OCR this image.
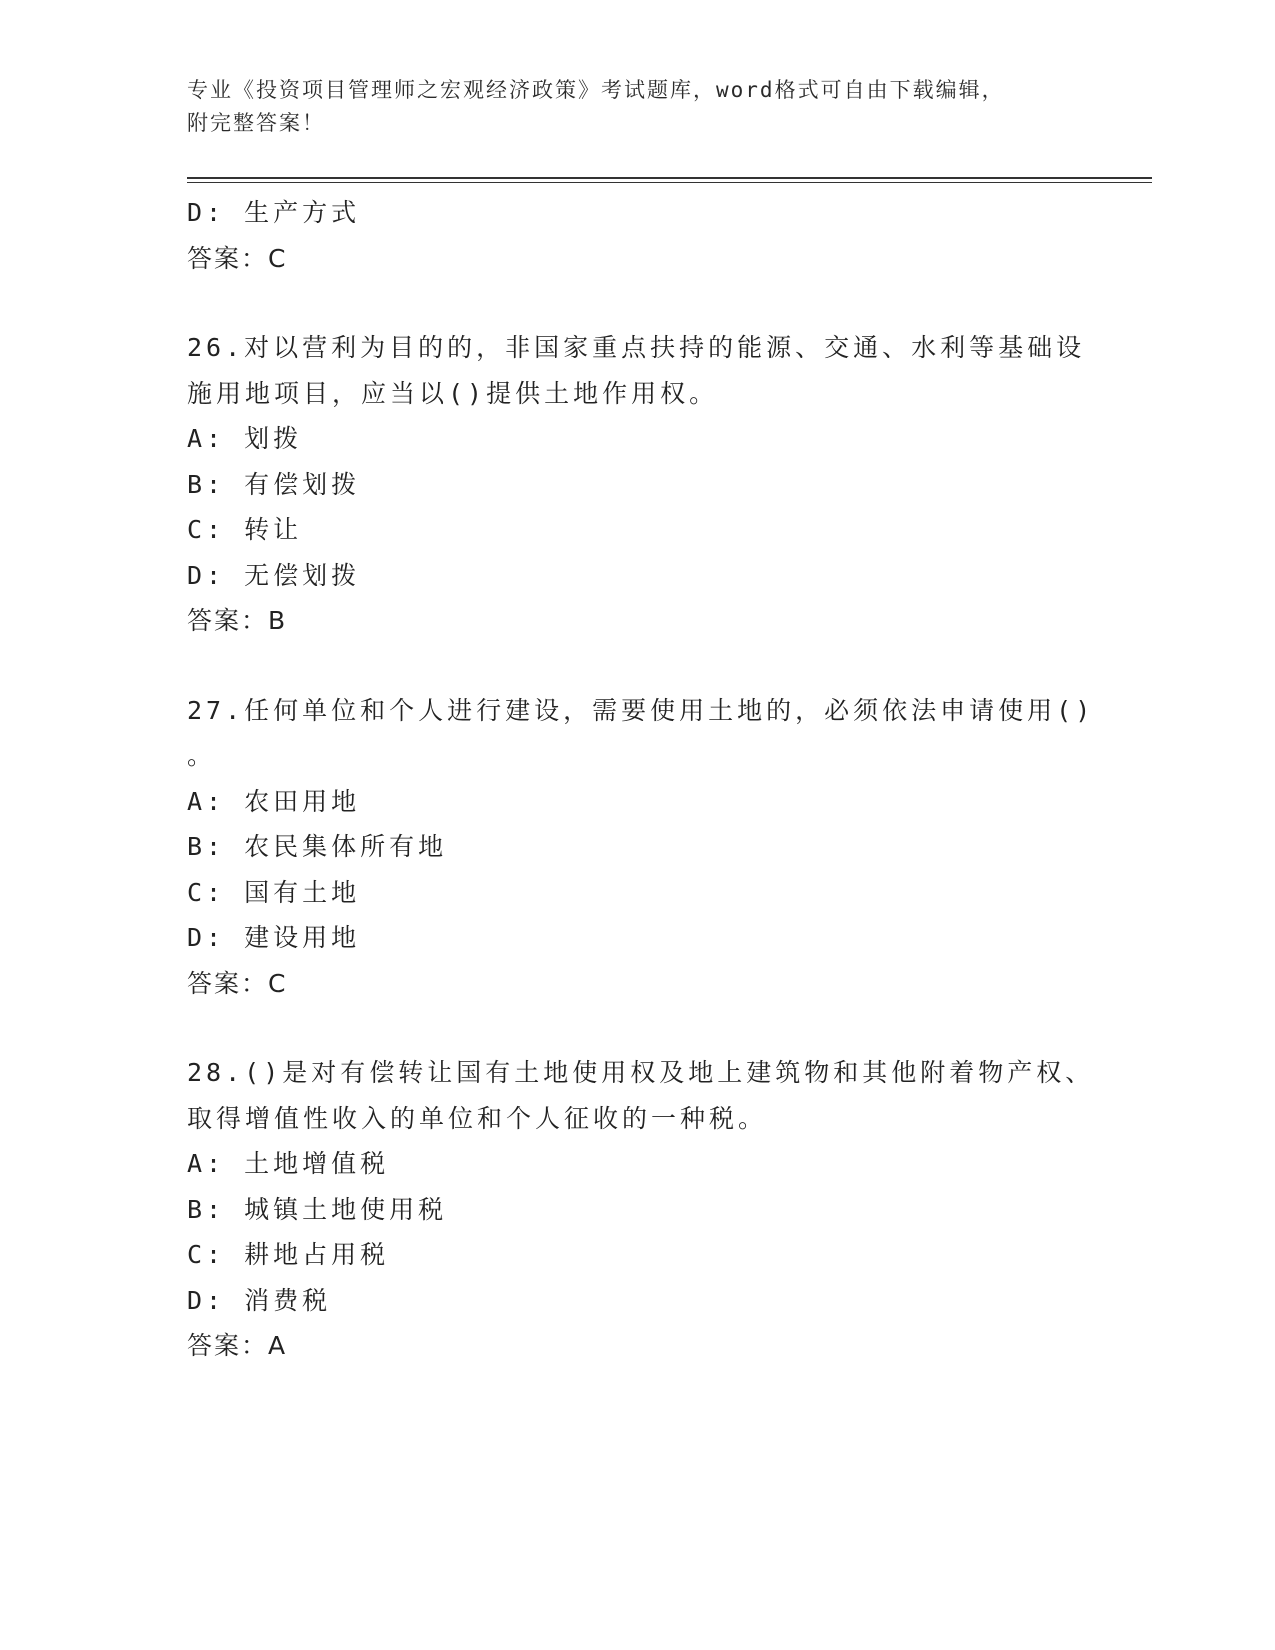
专业《投资项目管理师之宏观经济政策》考试题库，word格式可自由下载编辑，
附完整答案！
D: 生产方式
答案：C
26.对以营利为目的的，非国家重点扶持的能源、交通、水利等基础设
施用地项目，应当以()提供土地作用权。
A: 划拨
B: 有偿划拨
C: 转让
D: 无偿划拨
答案：B
27.任何单位和个人进行建设，需要使用土地的，必须依法申请使用()
。
A: 农田用地
B: 农民集体所有地
C: 国有土地
D: 建设用地
答案：C
28.()是对有偿转让国有土地使用权及地上建筑物和其他附着物产权、
取得增值性收入的单位和个人征收的一种税。
A: 土地增值税
B: 城镇土地使用税
C: 耕地占用税
D: 消费税
答案：A
